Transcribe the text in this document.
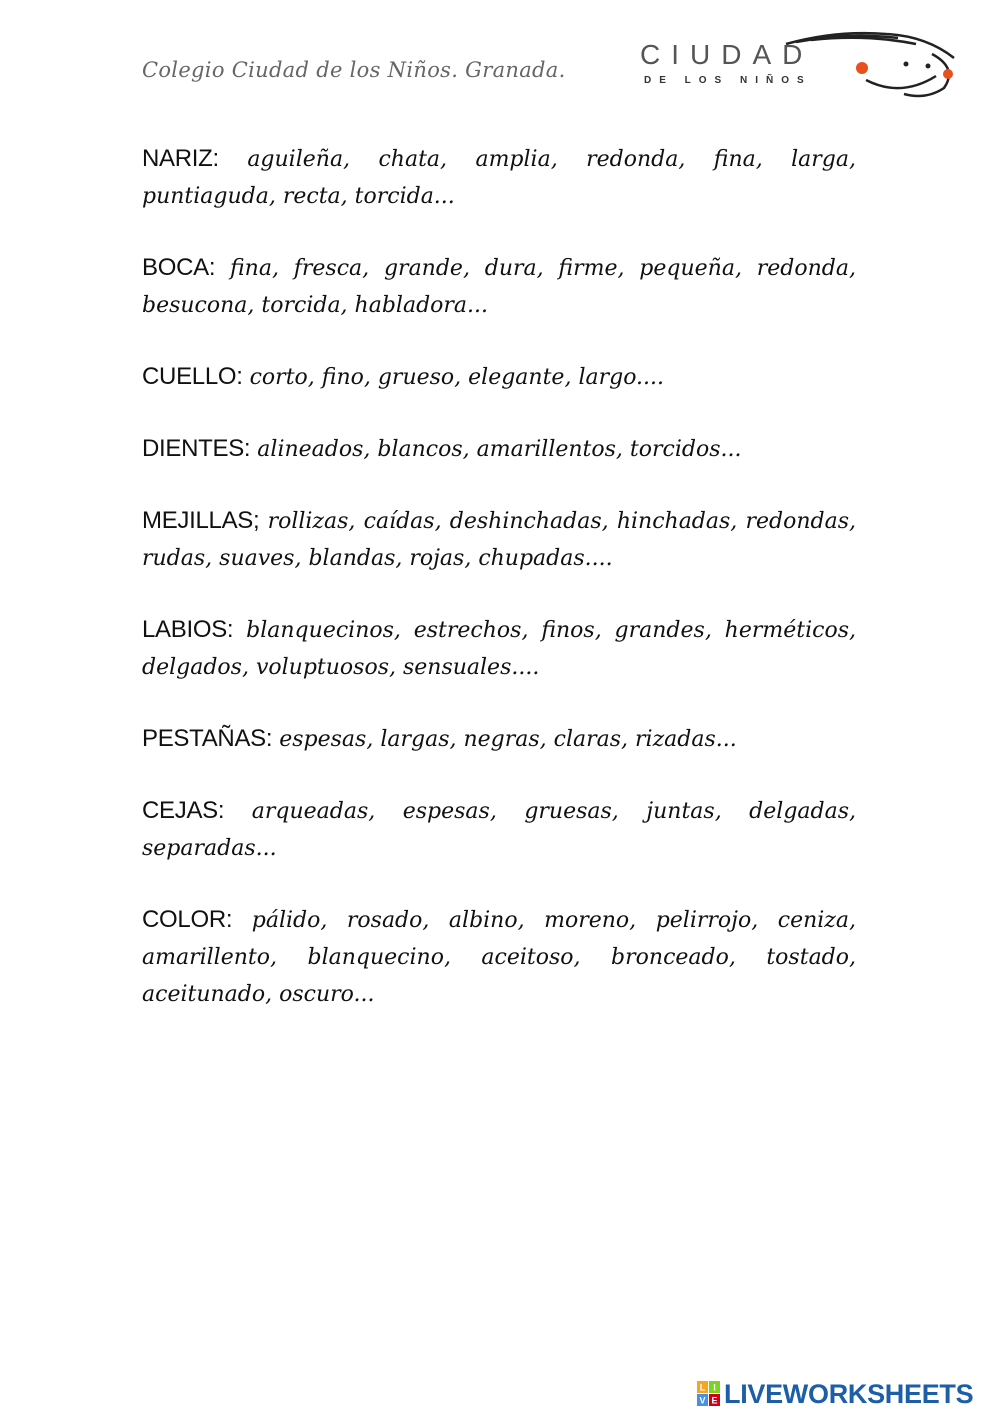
Colegio Ciudad de los Niños. Granada.	CIUDAD
DE LOS NIÑOS

NARIZ: aguileña, chata, amplia, redonda, fina, larga, puntiaguda, recta, torcida...

BOCA: fina, fresca, grande, dura, firme, pequeña, redonda, besucona, torcida, habladora...

CUELLO: corto, fino, grueso, elegante, largo....

DIENTES: alineados, blancos, amarillentos, torcidos...

MEJILLAS; rollizas, caídas, deshinchadas, hinchadas, redondas, rudas, suaves, blandas, rojas, chupadas....

LABIOS: blanquecinos, estrechos, finos, grandes, herméticos, delgados, voluptuosos, sensuales....

PESTAÑAS: espesas, largas, negras, claras, rizadas...

CEJAS: arqueadas, espesas, gruesas, juntas, delgadas, separadas...

COLOR: pálido, rosado, albino, moreno, pelirrojo, ceniza, amarillento, blanquecino, aceitoso, bronceado, tostado, aceitunado, oscuro...

L I
V E LIVEWORKSHEETS
